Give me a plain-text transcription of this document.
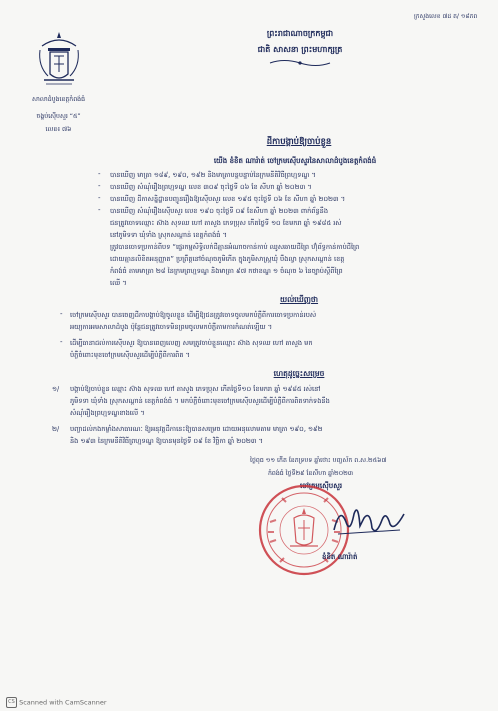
ក្រសួងលេខ ៧ដ ត/ ១៨ភព
ព្រះរាជាណាចក្រកម្ពុជា
ជាតិ សាសនា ព្រះមហាក្សត្រ
សាលាដំបូងខេត្តកំពង់ធំ
ចង្ហប់ស៊ើបសួរ “៥”
លេខ៖ ៧៦
ដីកាបង្គាប់ឱ្យចាប់ខ្លួន
យើង ខំខិត ណារ៉ាត់ ចៅក្រមស៊ើបសួរនៃសាលាដំបូងខេត្តកំពង់ធំ
- បានឃើញ មាត្រា ១៨៩, ១៩០, ១៩២ និងមាត្រាបន្តបន្ទាប់នៃក្រមនីតិវិធីព្រហ្មទណ្ឌ ។
- បានឃើញ សំណុំរឿងព្រហ្មទណ្ឌ លេខ ៣០៩ ចុះថ្ងៃទី ០៦ ខែ សីហា ឆ្នាំ ២០២៣ ។
- បានឃើញ ដីកាសន្និដ្ឋានបញ្ជូនរឿងឱ្យស៊ើបសួរ លេខ ១៩៥ ចុះថ្ងៃទី ០៦ ខែ សីហា ឆ្នាំ ២០២៣ ។
- បានឃើញ សំណុំរឿងស៊ើបសួរ លេខ ១៩០ ចុះថ្ងៃទី ០៩ ខែសីហា ឆ្នាំ ២០២៣ ពាក់ព័ន្ធនឹង
ជនត្រូវចោទឈ្មោះ ស៊ាង សុទឈ ហៅ តាសួង ភេទប្រុស កើតថ្ងៃទី ១០ ខែមករា ឆ្នាំ ១៩៨៥ រស់
នៅភូមិទទា ឃុំទាំង ស្រុកសណ្តាន់ ខេត្តកំពង់ធំ ។
ត្រូវបានចោទប្រកាន់ពីបទ “ផ្ទេរកម្មសិទ្ធិលក់ដីគ្មានអំណាចកាន់កាប់ ឈូសឆាយដីព្រៃ ហ៊ុំព័ទ្ធកាន់កាប់ដីព្រៃ
ដោយគ្មានលិខិតអនុញ្ញាត” ប្រព្រឹត្តនៅចំណុចភូមិកើត ក្នុងភូមិសាស្រ្តឃុំ បឹងល្វា ស្រុកសណ្តាន់ ខេត្ត
កំពង់ធំ តាមមាត្រា ២៨ នៃក្រមព្រហ្មទណ្ឌ និងមាត្រា ៩៧ កថាខណ្ឌ ១ ចំណុច ៦ នៃច្បាប់ស្តីពីព្រៃ
ឈើ ។
យល់ឃើញថា
- ចៅក្រមស៊ើបសួរ បានចេញដីកាបង្គាប់ឱ្យចូលខ្លួន ដើម្បីឱ្យជនត្រូវចោទចូលមកបំភ្លឺពីការចោទប្រកាន់របស់
អយ្យការអមសាលាដំបូង ប៉ុន្តែជនត្រូវចោទមិនព្រមចូលមកបំភ្លឺតាមការកំណត់ឡើយ ។
- ដើម្បីធានាដល់ការស៊ើបសួរ ឱ្យបានពេញលេញ សមត្រូវចាប់ខ្លួនឈ្មោះ ស៊ាង សុទឈ ហៅ តាសួង មក
បំភ្លឺចំពោះមុខចៅក្រមស៊ើបសួរដើម្បីបំភ្លឺពីការពិត ។
ហេតុដូច្នេះសម្រេច
១/ បង្គាប់ឱ្យចាប់ខ្លួន ឈ្មោះ ស៊ាង សុទឈ ហៅ តាសួង ភេទប្រុស កើតថ្ងៃទី១០ ខែមករា ឆ្នាំ ១៩៨៥ រស់នៅ
ភូមិទទា ឃុំទាំង ស្រុកសណ្តាន់ ខេត្តកំពង់ធំ ។ មកបំភ្លឺចំពោះមុខចៅក្រមស៊ើបសួរដើម្បីបំភ្លឺពីការពិតទាក់ទងនឹង
សំណុំរឿងព្រហ្មទណ្ឌខាងលើ ។
២/ បញ្ជាដល់កងកម្លាំងសាធារណៈ ឱ្យអនុវត្តដីកានេះឱ្យបានសម្រេច ដោយអនុលោមតាម មាត្រា ១៩០, ១៩២
និង ១៩៣ នៃក្រមនីតិវិធីព្រហ្មទណ្ឌ ឱ្យបានមុនថ្ងៃទី ០៩ ខែ វិច្ឆិកា ឆ្នាំ ២០២៣ ។
ថ្ងៃពុធ ១១ កើត ខែភទ្របទ ឆ្នាំថោះ បញ្ចស័ក ព.ស.២៥៦៧
កំពង់ធំ ថ្ងៃទី២៩ ខែសីហា ឆ្នាំ២០២៣
ចៅក្រមស៊ើបសួរ
ខំខិត ណារ៉ាត់
CS Scanned with CamScanner
